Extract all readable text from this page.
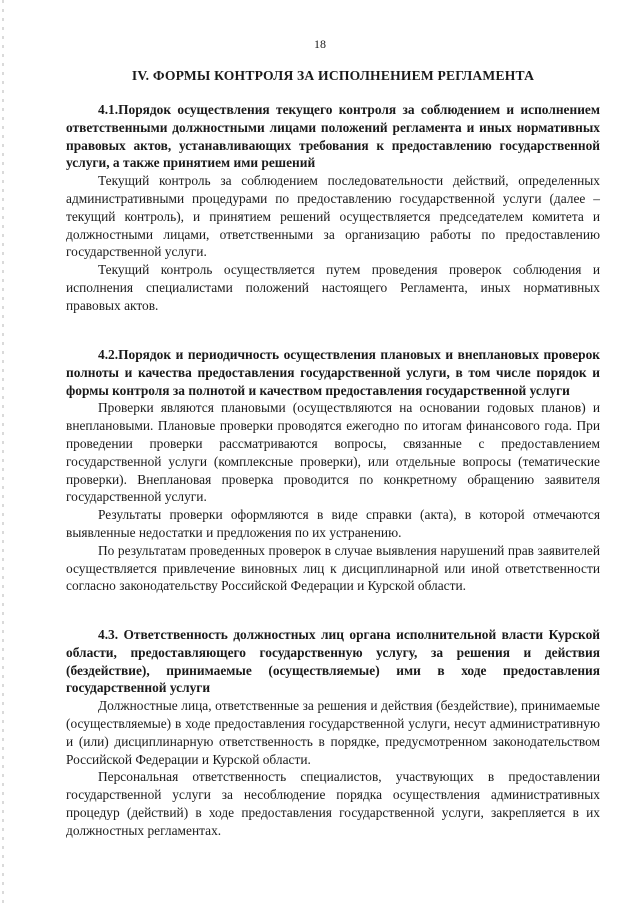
18
IV. ФОРМЫ КОНТРОЛЯ ЗА ИСПОЛНЕНИЕМ РЕГЛАМЕНТА

4.1.Порядок осуществления текущего контроля за соблюдением и исполнением ответственными должностными лицами положений регламента и иных нормативных правовых актов, устанавливающих требования к предоставлению государственной услуги, а также принятием ими решений

Текущий контроль за соблюдением последовательности действий, определенных административными процедурами по предоставлению государственной услуги (далее – текущий контроль), и принятием решений осуществляется председателем комитета и должностными лицами, ответственными за организацию работы по предоставлению государственной услуги.

Текущий контроль осуществляется путем проведения проверок соблюдения и исполнения специалистами положений настоящего Регламента, иных нормативных правовых актов.

4.2.Порядок и периодичность осуществления плановых и внеплановых проверок полноты и качества предоставления государственной услуги, в том числе порядок и формы контроля за полнотой и качеством предоставления государственной услуги

Проверки являются плановыми (осуществляются на основании годовых планов) и внеплановыми. Плановые проверки проводятся ежегодно по итогам финансового года. При проведении проверки рассматриваются вопросы, связанные с предоставлением государственной услуги (комплексные проверки), или отдельные вопросы (тематические проверки). Внеплановая проверка проводится по конкретному обращению заявителя государственной услуги.

Результаты проверки оформляются в виде справки (акта), в которой отмечаются выявленные недостатки и предложения по их устранению.

По результатам проведенных проверок в случае выявления нарушений прав заявителей осуществляется привлечение виновных лиц к дисциплинарной или иной ответственности согласно законодательству Российской Федерации и Курской области.

4.3. Ответственность должностных лиц органа исполнительной власти Курской области, предоставляющего государственную услугу, за решения и действия (бездействие), принимаемые (осуществляемые) ими в ходе предоставления государственной услуги

Должностные лица, ответственные за решения и действия (бездействие), принимаемые (осуществляемые) в ходе предоставления государственной услуги, несут административную и (или) дисциплинарную ответственность в порядке, предусмотренном законодательством Российской Федерации и Курской области.

Персональная ответственность специалистов, участвующих в предоставлении государственной услуги за несоблюдение порядка осуществления административных процедур (действий) в ходе предоставления государственной услуги, закрепляется в их должностных регламентах.
